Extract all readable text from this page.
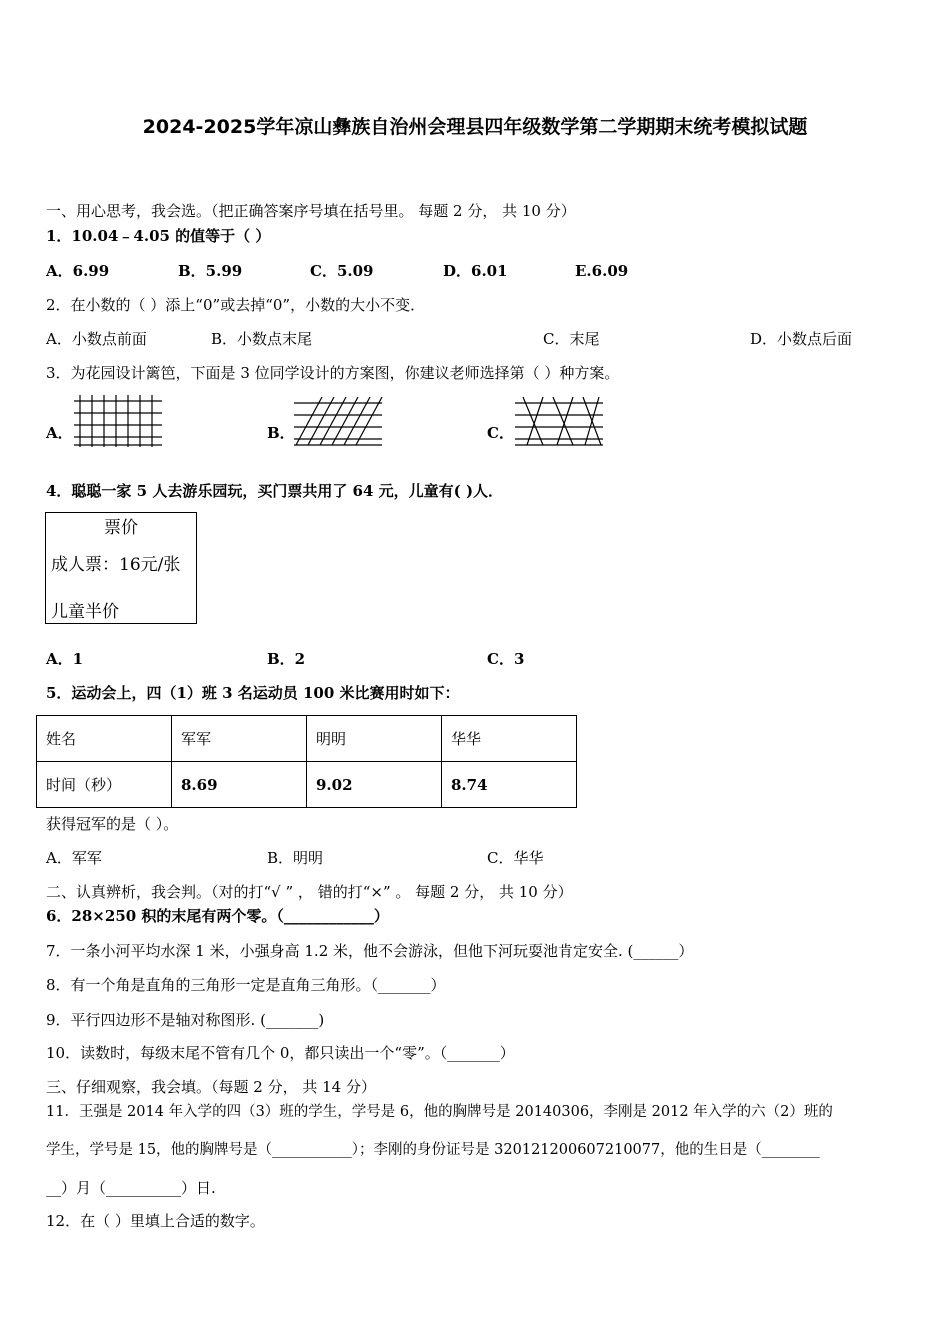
2024-2025学年凉山彝族自治州会理县四年级数学第二学期期末统考模拟试题
一、用心思考，我会选。（把正确答案序号填在括号里。 每题 2 分， 共 10 分）
1．10.04﹣4.05 的值等于（ ）
A．6.99	B．5.99	C．5.09	D．6.01	E.6.09
2．在小数的（ ）添上“0”或去掉“0”，小数的大小不变．
A．小数点前面	B．小数点末尾	C．末尾	D．小数点后面
3．为花园设计篱笆，下面是 3 位同学设计的方案图，你建议老师选择第（ ）种方案。
A．	B．	C．
4．聪聪一家 5 人去游乐园玩，买门票共用了 64 元，儿童有( )人．
票价
成人票：16元/张
儿童半价
A．1	B．2	C．3
5．运动会上，四（1）班 3 名运动员 100 米比赛用时如下：
姓名	军军	明明	华华
时间（秒）	8.69	9.02	8.74
获得冠军的是（ ）。
A．军军	B．明明	C．华华
二、认真辨析，我会判。（对的打“√ ” ， 错的打“×” 。 每题 2 分， 共 10 分）
6．28×250 积的末尾有两个零。（____________）
7．一条小河平均水深 1 米，小强身高 1.2 米，他不会游泳，但他下河玩耍池肯定安全. (______）
8．有一个角是直角的三角形一定是直角三角形。（_______）
9．平行四边形不是轴对称图形. (_______)
10．读数时，每级末尾不管有几个 0，都只读出一个“零”。（_______）
三、仔细观察，我会填。（每题 2 分， 共 14 分）
11．王强是 2014 年入学的四（3）班的学生，学号是 6，他的胸牌号是 20140306，李刚是 2012 年入学的六（2）班的
学生，学号是 15，他的胸牌号是（___________）；李刚的身份证号是 320121200607210077，他的生日是（________
__）月（__________）日.
12．在（ ）里填上合适的数字。
